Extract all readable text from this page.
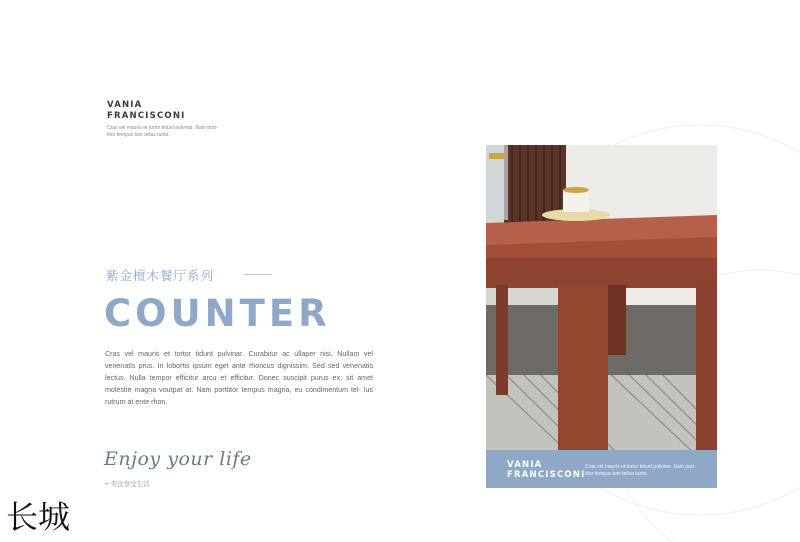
VANIA
FRANCISCONI
Cras vel mauris et tortor tidunt pulvinar. Nam port- titor tempus tum tellus tunte.
紫金檀木餐厅系列
COUNTER
Cras vel mauris et tortor tidunt pulvinar. Curabitur ac ullaper nisi. Nullam vel venenatis prus. In lobortis ipsum eget ante rhoncus dignissim. Sed sed venenatis lectus. Nulla tempor efficitur arcu et efficitur. Donec suscipit purus ex, sit amet molestie magna voutpat at. Nam porttitor tempus magna, eu condimentum tel- lus rutrum at ente rhon.
Enjoy your life
+ 专注享受生活
VANIA
FRANCISCONI
Cras vel mauris et tortor tidunt pulvinar. Nam port- titor tempus tum tellus tunte.
长城
